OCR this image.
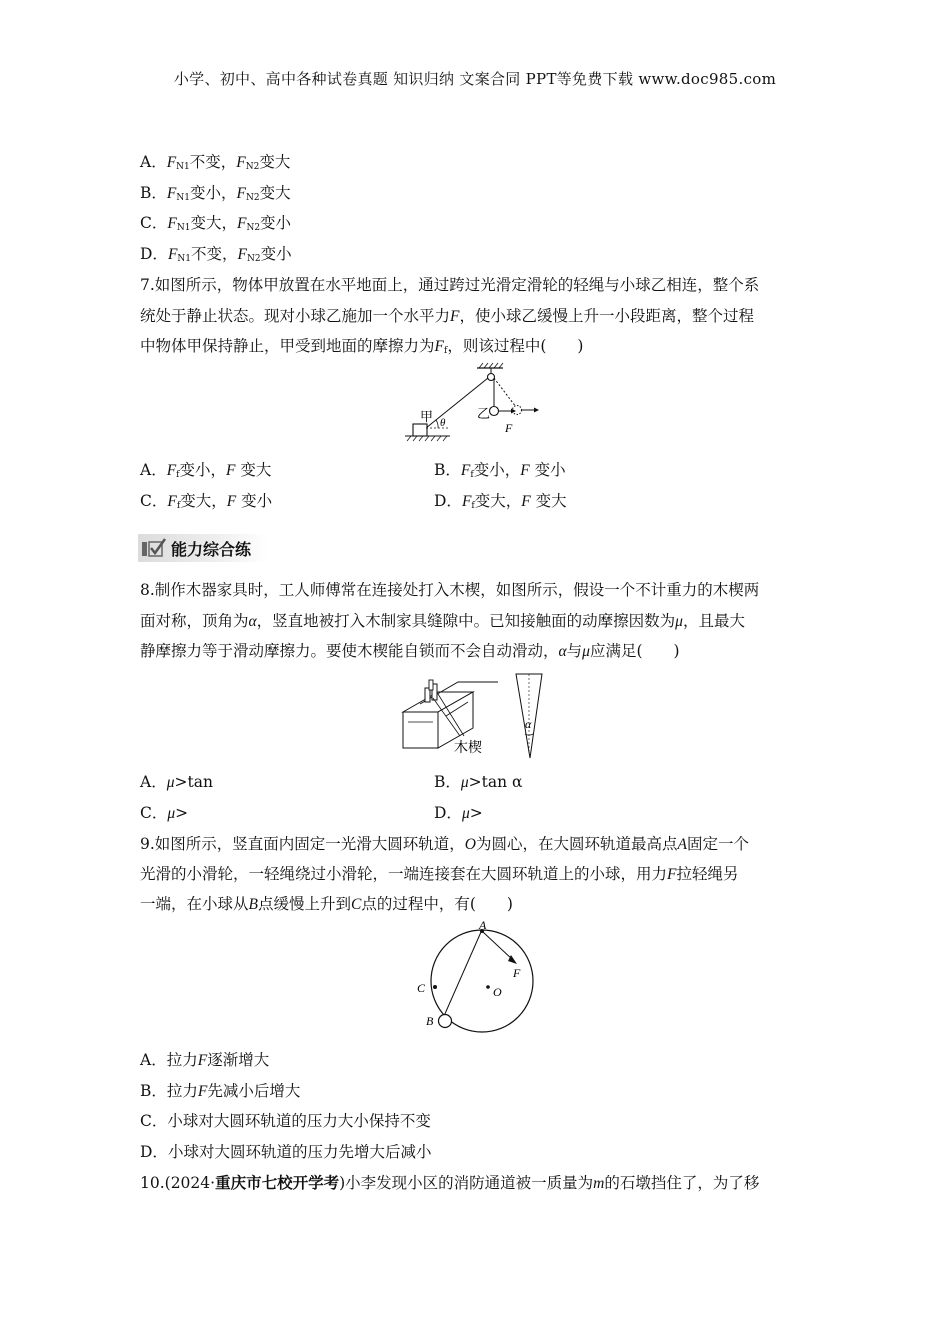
小学、初中、高中各种试卷真题 知识归纳 文案合同 PPT等免费下载 www.doc985.com
A．$F_{N1}$不变，$F_{N2}$变大
B．$F_{N1}$变小，$F_{N2}$变大
C．$F_{N1}$变大，$F_{N2}$变小
D．$F_{N1}$不变，$F_{N2}$变小
7.如图所示，物体甲放置在水平地面上，通过跨过光滑定滑轮的轻绳与小球乙相连，整个系
统处于静止状态。现对小球乙施加一个水平力F，使小球乙缓慢上升一小段距离，整个过程
中物体甲保持静止，甲受到地面的摩擦力为$F_f$，则该过程中(　　)
甲 θ
乙
F
A．$F_f$变小，F 变大	B．$F_f$变小，F 变小
C．$F_f$变大，F 变小	D．$F_f$变大，F 变大
能力综合练
8.制作木器家具时，工人师傅常在连接处打入木楔，如图所示，假设一个不计重力的木楔两
面对称，顶角为α，竖直地被打入木制家具缝隙中。已知接触面的动摩擦因数为μ，且最大
静摩擦力等于滑动摩擦力。要使木楔能自锁而不会自动滑动，α与μ应满足(　　)
木楔
α
A．μ>tan	B．μ>tan α
C．μ>	D．μ>
9.如图所示，竖直面内固定一光滑大圆环轨道，O为圆心，在大圆环轨道最高点A固定一个
光滑的小滑轮，一轻绳绕过小滑轮，一端连接套在大圆环轨道上的小球，用力F拉轻绳另
一端，在小球从B点缓慢上升到C点的过程中，有(　　)
A
F
O
C
B
A．拉力F逐渐增大
B．拉力F先减小后增大
C．小球对大圆环轨道的压力大小保持不变
D．小球对大圆环轨道的压力先增大后减小
10.(2024·重庆市七校开学考)小李发现小区的消防通道被一质量为m的石墩挡住了，为了移
